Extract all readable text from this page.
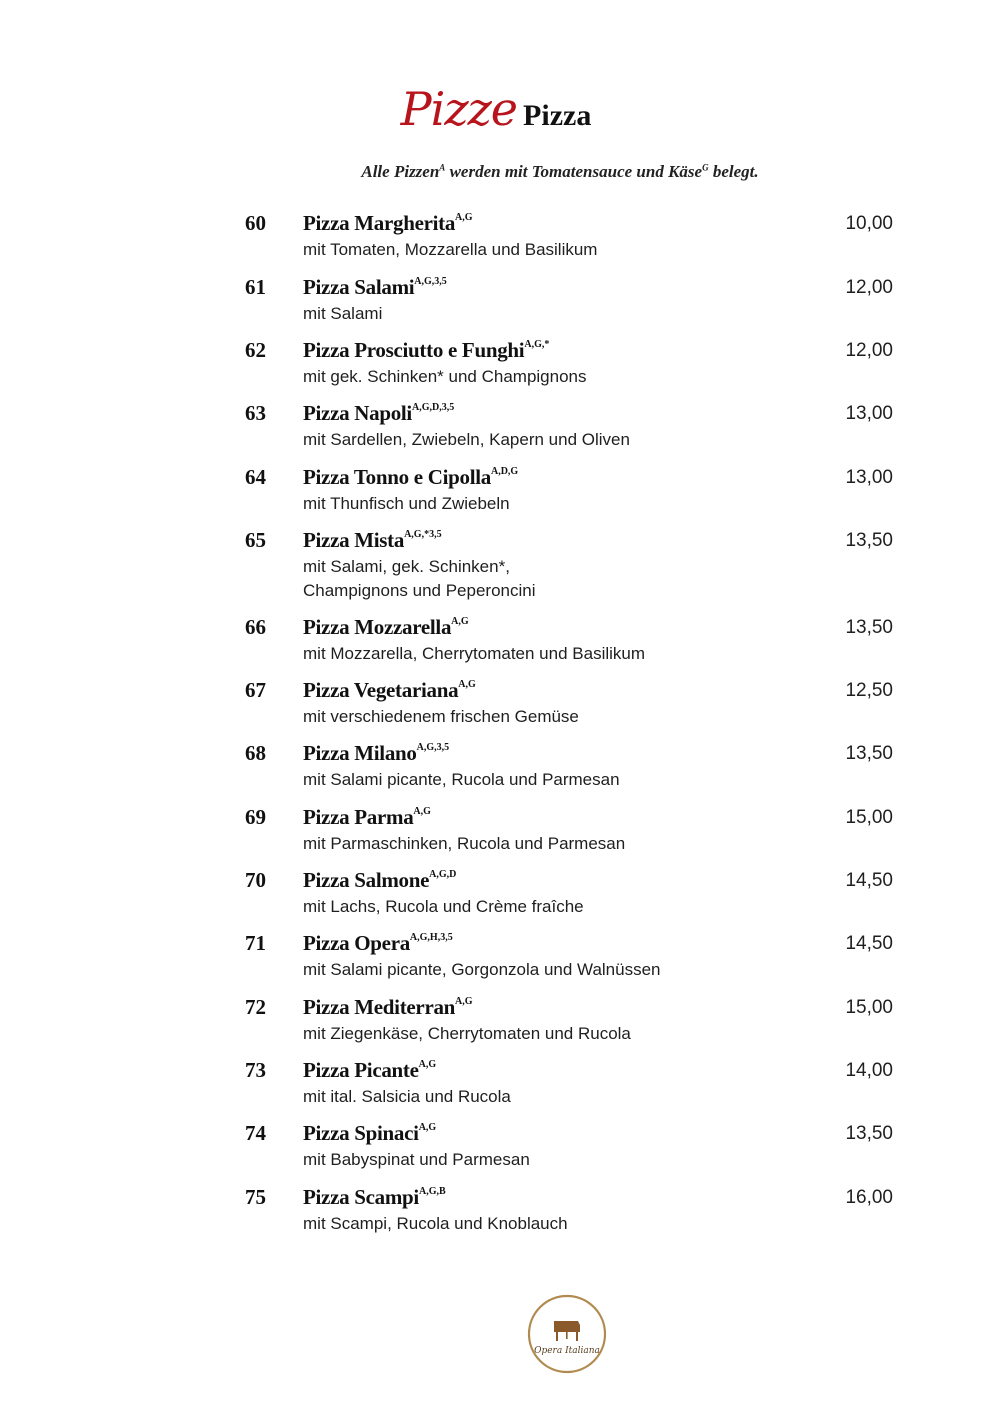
Pizze Pizza
Alle Pizzen$^A$ werden mit Tomatensauce und Käse$^G$ belegt.
60 Pizza Margherita$^{A,G}$	10,00
mit Tomaten, Mozzarella und Basilikum
61 Pizza Salami$^{A,G,3,5}$	12,00
mit Salami
62 Pizza Prosciutto e Funghi$^{A,G,*}$	12,00
mit gek. Schinken* und Champignons
63 Pizza Napoli$^{A,G,D,3,5}$	13,00
mit Sardellen, Zwiebeln, Kapern und Oliven
64 Pizza Tonno e Cipolla$^{A,D,G}$	13,00
mit Thunfisch und Zwiebeln
65 Pizza Mista$^{A,G,*3,5}$	13,50
mit Salami, gek. Schinken*, Champignons und Peperoncini
66 Pizza Mozzarella$^{A,G}$	13,50
mit Mozzarella, Cherrytomaten und Basilikum
67 Pizza Vegetariana$^{A,G}$	12,50
mit verschiedenem frischen Gemüse
68 Pizza Milano$^{A,G,3,5}$	13,50
mit Salami picante, Rucola und Parmesan
69 Pizza Parma$^{A,G}$	15,00
mit Parmaschinken, Rucola und Parmesan
70 Pizza Salmone$^{A,G,D}$	14,50
mit Lachs, Rucola und Crème fraîche
71 Pizza Opera$^{A,G,H,3,5}$	14,50
mit Salami picante, Gorgonzola und Walnüssen
72 Pizza Mediterran$^{A,G}$	15,00
mit Ziegenkäse, Cherrytomaten und Rucola
73 Pizza Picante$^{A,G}$	14,00
mit ital. Salsicia und Rucola
74 Pizza Spinaci$^{A,G}$	13,50
mit Babyspinat und Parmesan
75 Pizza Scampi$^{A,G,B}$	16,00
mit Scampi, Rucola und Knoblauch
Opera Italiana
